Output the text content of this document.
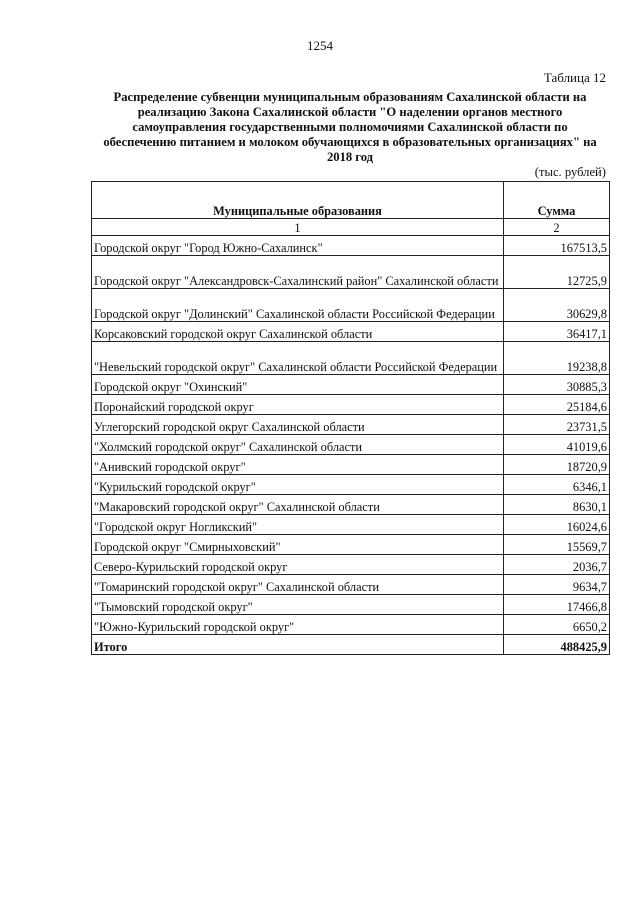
1254
Таблица 12
Распределение субвенции муниципальным образованиям Сахалинской области на
реализацию Закона Сахалинской области "О наделении органов местного
самоуправления государственными полномочиями Сахалинской области по
обеспечению питанием и молоком обучающихся в образовательных организациях" на
2018 год
(тыс. рублей)
Муниципальные образования	Сумма
1	2
Городской округ "Город Южно-Сахалинск"	167513,5
Городской округ "Александровск-Сахалинский район" Сахалинской области	12725,9
Городской округ "Долинский" Сахалинской области Российской Федерации	30629,8
Корсаковский городской округ Сахалинской области	36417,1
"Невельский городской округ" Сахалинской области Российской Федерации	19238,8
Городской округ "Охинский"	30885,3
Поронайский городской округ	25184,6
Углегорский городской округ Сахалинской области	23731,5
"Холмский городской округ" Сахалинской области	41019,6
"Анивский городской округ"	18720,9
"Курильский городской округ"	6346,1
"Макаровский городской округ" Сахалинской области	8630,1
"Городской округ Ногликский"	16024,6
Городской округ "Смирныховский"	15569,7
Северо-Курильский городской округ	2036,7
"Томаринский городской округ" Сахалинской области	9634,7
"Тымовский городской округ"	17466,8
"Южно-Курильский городской округ"	6650,2
Итого	488425,9
